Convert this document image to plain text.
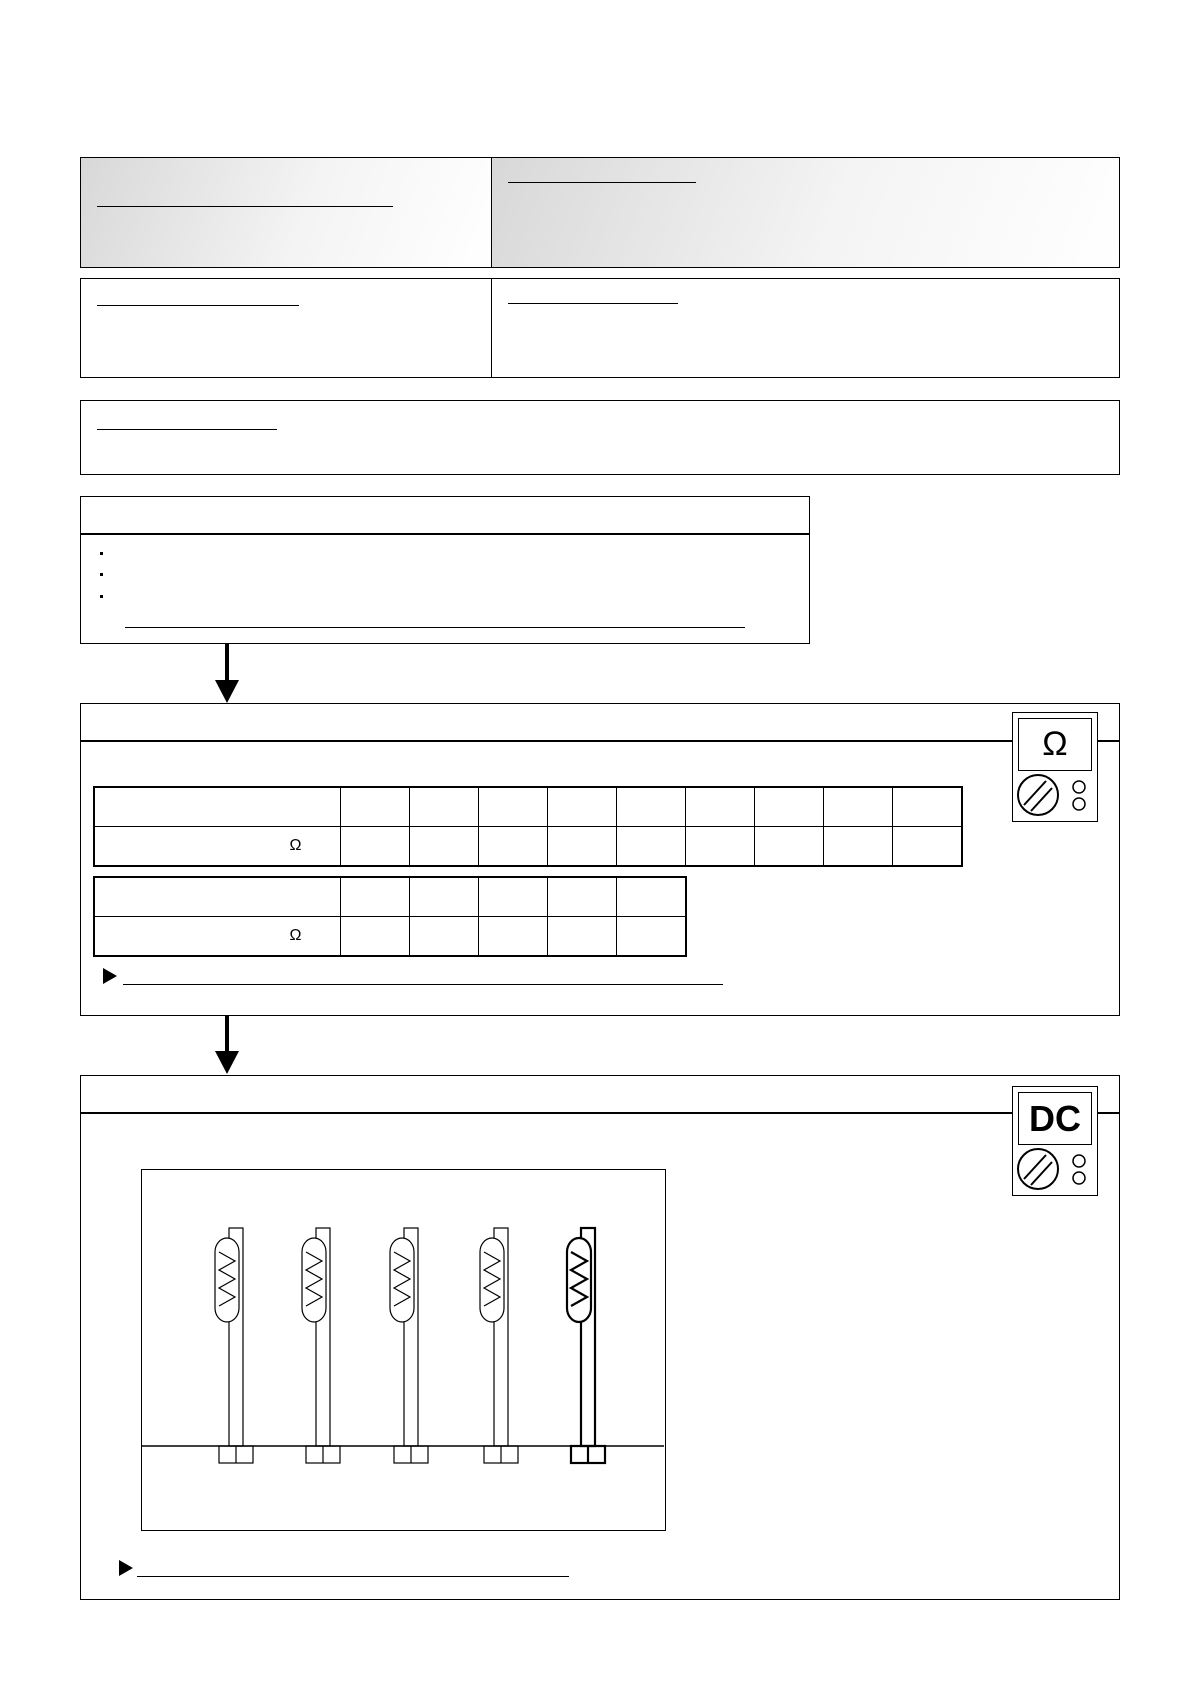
Ω									

Ω					
Ω
DC
